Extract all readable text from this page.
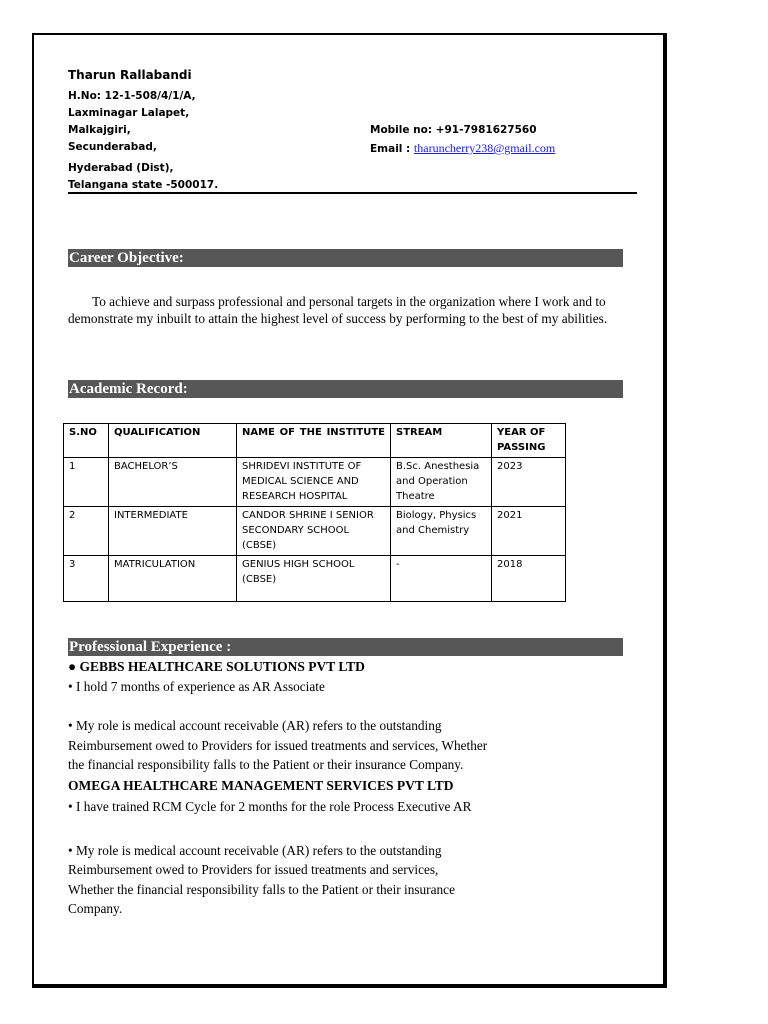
Tharun Rallabandi
H.No: 12-1-508/4/1/A,
Laxminagar Lalapet,
Malkajgiri,
Secunderabad,
Hyderabad (Dist),
Telangana state -500017.
Mobile no: +91-7981627560
Email : tharuncherry238@gmail.com
Career Objective:

To achieve and surpass professional and personal targets in the organization where I work and to demonstrate my inbuilt to attain the highest level of success by performing to the best of my abilities.

Academic Record:
S.NO	QUALIFICATION	NAME OF THE INSTITUTE	STREAM	YEAR OF PASSING
1	BACHELOR’S	SHRIDEVI INSTITUTE OF MEDICAL SCIENCE AND RESEARCH HOSPITAL	B.Sc. Anesthesia and Operation Theatre	2023
2	INTERMEDIATE	CANDOR SHRINE I SENIOR SECONDARY SCHOOL (CBSE)	Biology, Physics and Chemistry	2021
3	MATRICULATION	GENIUS HIGH SCHOOL (CBSE)	-	2018
Professional Experience :

● GEBBS HEALTHCARE SOLUTIONS PVT LTD

• I hold 7 months of experience as AR Associate

• My role is medical account receivable (AR) refers to the outstanding Reimbursement owed to Providers for issued treatments and services, Whether the financial responsibility falls to the Patient or their insurance Company.

OMEGA HEALTHCARE MANAGEMENT SERVICES PVT LTD

• I have trained RCM Cycle for 2 months for the role Process Executive AR

• My role is medical account receivable (AR) refers to the outstanding Reimbursement owed to Providers for issued treatments and services, Whether the financial responsibility falls to the Patient or their insurance Company.
